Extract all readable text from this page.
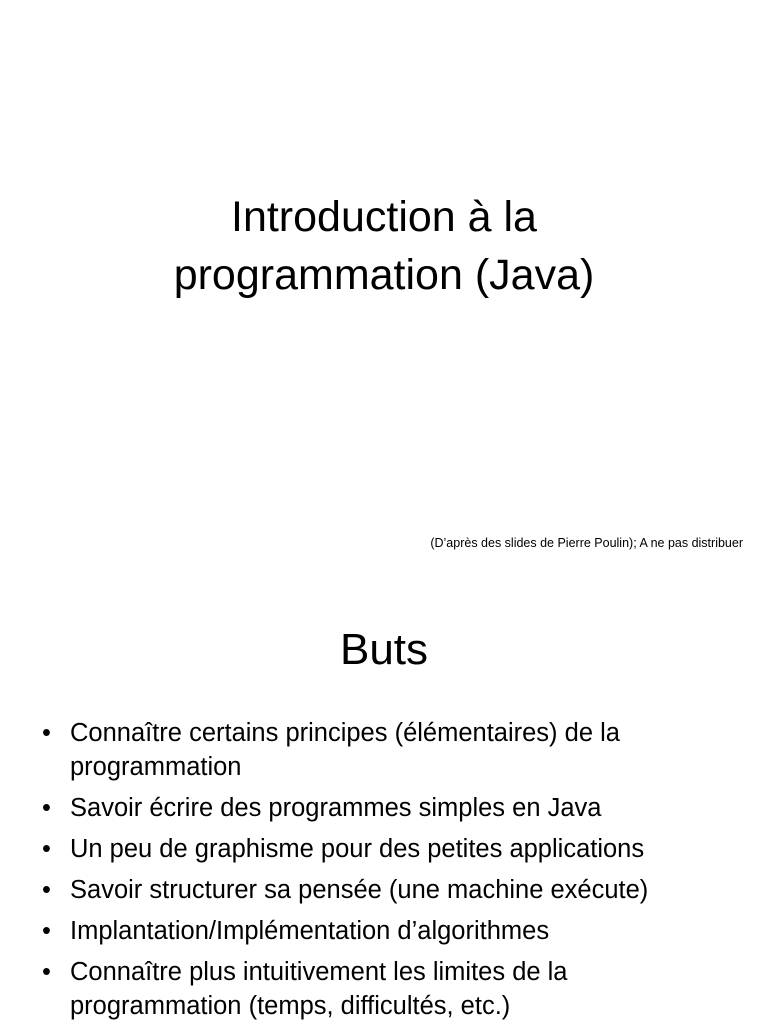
Introduction à la
programmation (Java)
(D’après des slides de Pierre Poulin); A ne pas distribuer
Buts
• Connaître certains principes (élémentaires) de la
programmation
• Savoir écrire des programmes simples en Java
• Un peu de graphisme pour des petites applications
• Savoir structurer sa pensée (une machine exécute)
• Implantation/Implémentation d’algorithmes
• Connaître plus intuitivement les limites de la
programmation (temps, difficultés, etc.)
